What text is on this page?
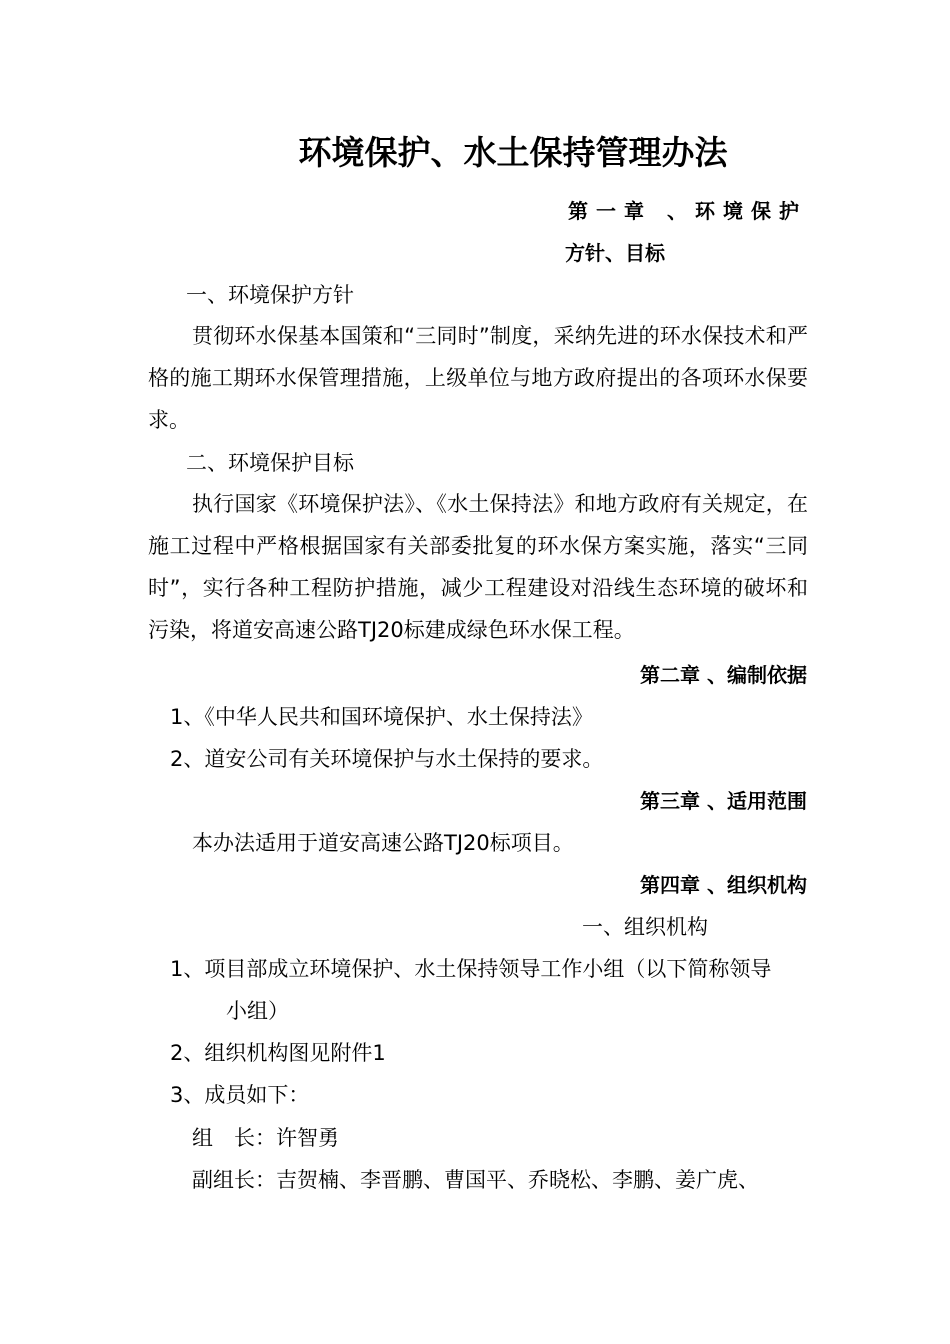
环境保护、水土保持管理办法
第一章 、环境保护
方针、目标
一、环境保护方针
贯彻环水保基本国策和“三同时”制度，采纳先进的环水保技术和严格的施工期环水保管理措施，上级单位与地方政府提出的各项环水保要求。
二、环境保护目标
执行国家《环境保护法》、《水土保持法》和地方政府有关规定，在施工过程中严格根据国家有关部委批复的环水保方案实施，落实“三同时”，实行各种工程防护措施，减少工程建设对沿线生态环境的破坏和污染，将道安高速公路TJ20标建成绿色环水保工程。
第二章 、编制依据
1、《中华人民共和国环境保护、水土保持法》
2、道安公司有关环境保护与水土保持的要求。
第三章 、适用范围
本办法适用于道安高速公路TJ20标项目。
第四章 、组织机构
一、组织机构
1、项目部成立环境保护、水土保持领导工作小组（以下简称领导
小组）
2、组织机构图见附件1
3、成员如下：
组　长：许智勇
副组长：吉贺楠、李晋鹏、曹国平、乔晓松、李鹏、姜广虎、
